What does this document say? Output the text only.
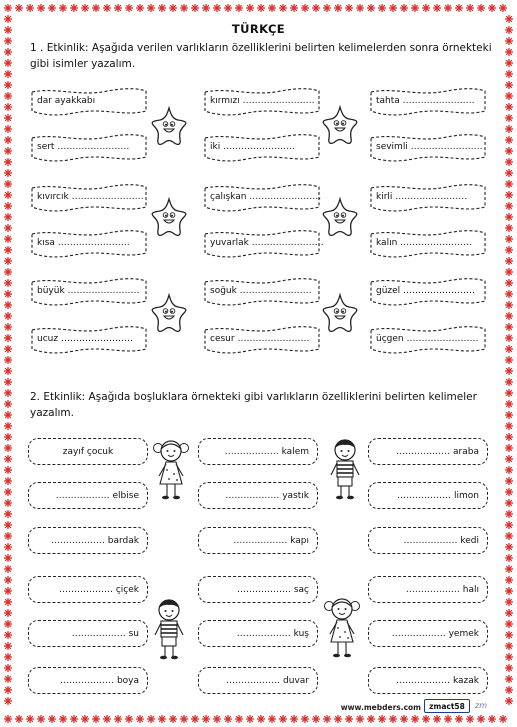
TÜRKÇE
1 . Etkinlik: Aşağıda verilen varlıkların özelliklerini belirten kelimelerden sonra örnekteki gibi isimler yazalım.
2. Etkinlik: Aşağıda boşluklara örnekteki gibi varlıkların özelliklerini belirten kelimeler yazalım.
dar ayakkabı
sert ……………………
kıvırcık ……………………
kısa ……………………
büyük ……………………
ucuz ……………………
kırmızı ……………………
iki ……………………
çalışkan ……………………
yuvarlak ……………………
soğuk ……………………
cesur ……………………
tahta ……………………
sevimli ……………………
kirli ……………………
kalın ……………………
güzel ……………………
üçgen ……………………
zayıf çocuk
……………… elbise
……………… bardak
……………… çiçek
……………… su
……………… boya
……………… kalem
……………… yastık
……………… kapı
……………… saç
……………… kuş
……………… duvar
……………… araba
……………… limon
……………… kedi
……………… halı
……………… yemek
……………… kazak
www.mebders.com	zmact58	zm
